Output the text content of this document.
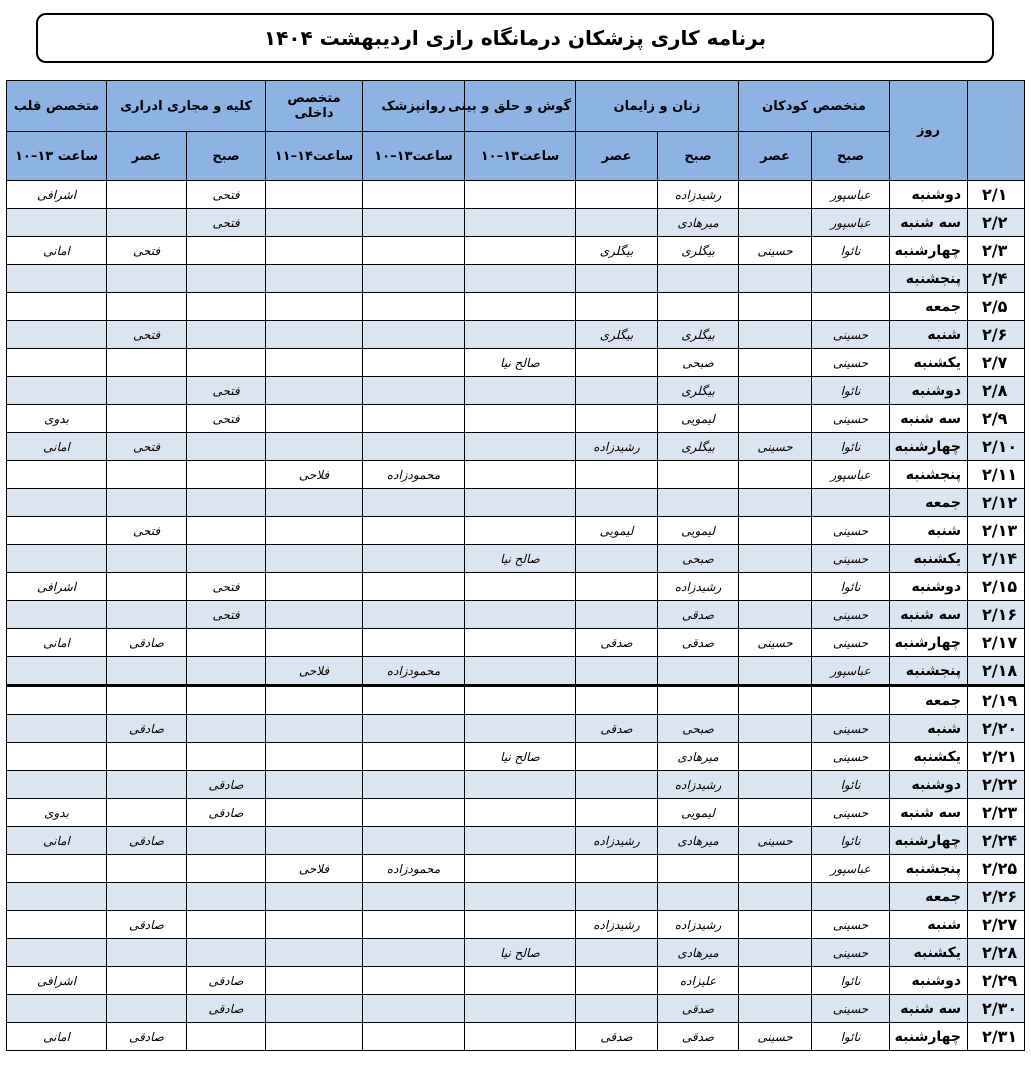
برنامه کاری پزشکان درمانگاه رازی اردیبهشت ۱۴۰۴
	روز	متخصص کودکان		زنان و زایمان		گوش و حلق و بینی	روانپزشک	متخصص داخلی	کلیه و مجاری ادراری		متخصص قلب
		صبح	عصر	صبح	عصر	ساعت۱۳–۱۰	ساعت۱۳–۱۰	ساعت۱۴–۱۱	صبح	عصر	ساعت ۱۳–۱۰
۲/۱	دوشنبه	عباسپور		رشیدزاده					فتحی		اشرافی
۲/۲	سه شنبه	عباسپور		میرهادی					فتحی		
۲/۳	چهارشنبه	نائوا	حسینی	بیگلری	بیگلری					فتحی	امانی
۲/۴	پنجشنبه										
۲/۵	جمعه										
۲/۶	شنبه	حسینی		بیگلری	بیگلری					فتحی	
۲/۷	یکشنبه	حسینی		صبحی		صالح نیا					
۲/۸	دوشنبه	نائوا		بیگلری					فتحی		
۲/۹	سه شنبه	حسینی		لیمویی					فتحی		بدوی
۲/۱۰	چهارشنبه	نائوا	حسینی	بیگلری	رشیدزاده					فتحی	امانی
۲/۱۱	پنجشنبه	عباسپور					محمودزاده	فلاحی			
۲/۱۲	جمعه										
۲/۱۳	شنبه	حسینی		لیمویی	لیمویی					فتحی	
۲/۱۴	یکشنبه	حسینی		صبحی		صالح نیا					
۲/۱۵	دوشنبه	نائوا		رشیدزاده					فتحی		اشرافی
۲/۱۶	سه شنبه	حسینی		صدقی					فتحی		
۲/۱۷	چهارشنبه	حسینی	حسینی	صدقی	صدقی					صادقی	امانی
۲/۱۸	پنجشنبه	عباسپور					محمودزاده	فلاحی			
۲/۱۹	جمعه										
۲/۲۰	شنبه	حسینی		صبحی	صدقی					صادقی	
۲/۲۱	یکشنبه	حسینی		میرهادی		صالح نیا					
۲/۲۲	دوشنبه	نائوا		رشیدزاده					صادقی		
۲/۲۳	سه شنبه	حسینی		لیمویی					صادقی		بدوی
۲/۲۴	چهارشنبه	نائوا	حسینی	میرهادی	رشیدزاده					صادقی	امانی
۲/۲۵	پنجشنبه	عباسپور					محمودزاده	فلاحی			
۲/۲۶	جمعه										
۲/۲۷	شنبه	حسینی		رشیدزاده	رشیدزاده					صادقی	
۲/۲۸	یکشنبه	حسینی		میرهادی		صالح نیا					
۲/۲۹	دوشنبه	نائوا		علیزاده					صادقی		اشرافی
۲/۳۰	سه شنبه	حسینی		صدقی					صادقی		
۲/۳۱	چهارشنبه	نائوا	حسینی	صدقی	صدقی					صادقی	امانی
